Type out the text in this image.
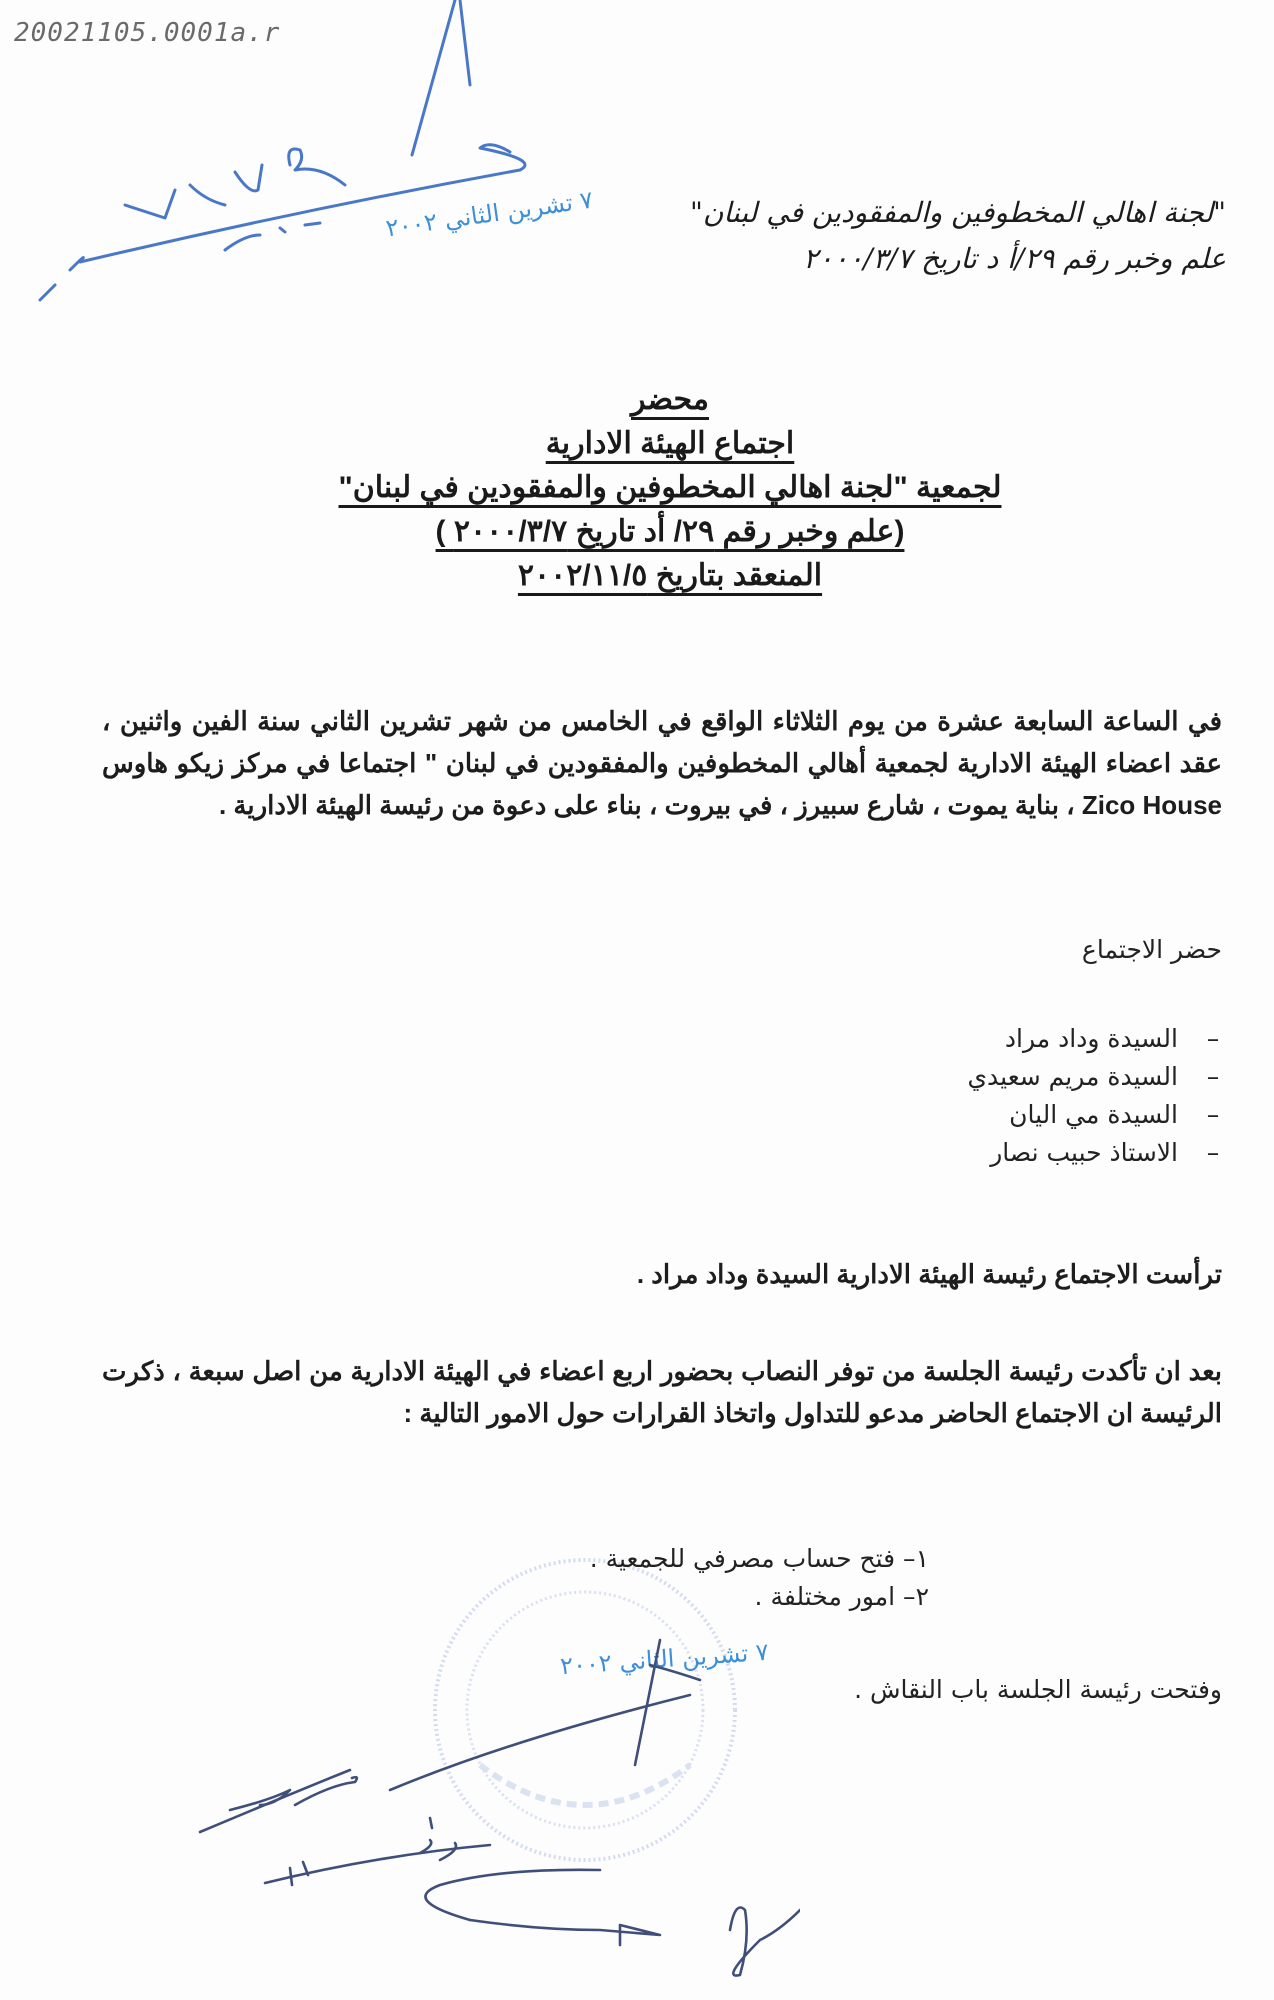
20021105.0001a.r
٧ تشرين الثاني ٢٠٠٢	"لجنة اهالي المخطوفين والمفقودين في لبنان"
علم وخبر رقم ٢٩/أ د تاريخ ٢٠٠٠/٣/٧
محضر
اجتماع الهيئة الادارية
لجمعية "لجنة اهالي المخطوفين والمفقودين في لبنان"
(علم وخبر رقم ٢٩/ أد تاريخ ٢٠٠٠/٣/٧ )
المنعقد بتاريخ ٢٠٠٢/١١/٥
في الساعة السابعة عشرة من يوم الثلاثاء الواقع في الخامس من شهر تشرين الثاني سنة الفين واثنين ، عقد اعضاء الهيئة الادارية لجمعية أهالي المخطوفين والمفقودين في لبنان " اجتماعا في مركز زيكو هاوس Zico House ، بناية يموت ، شارع سبيرز ، في بيروت ، بناء على دعوة من رئيسة الهيئة الادارية .
حضر الاجتماع
–
السيدة وداد مراد
–
السيدة مريم سعيدي
–
السيدة مي اليان
–
الاستاذ حبيب نصار
ترأست الاجتماع رئيسة الهيئة الادارية السيدة وداد مراد .
بعد ان تأكدت رئيسة الجلسة من توفر النصاب بحضور اربع اعضاء في الهيئة الادارية من اصل سبعة ، ذكرت الرئيسة ان الاجتماع الحاضر مدعو للتداول واتخاذ القرارات حول الامور التالية :
١– فتح حساب مصرفي للجمعية .
٢– امور مختلفة .
٧ تشرين الثاني ٢٠٠٢
وفتحت رئيسة الجلسة باب النقاش .
